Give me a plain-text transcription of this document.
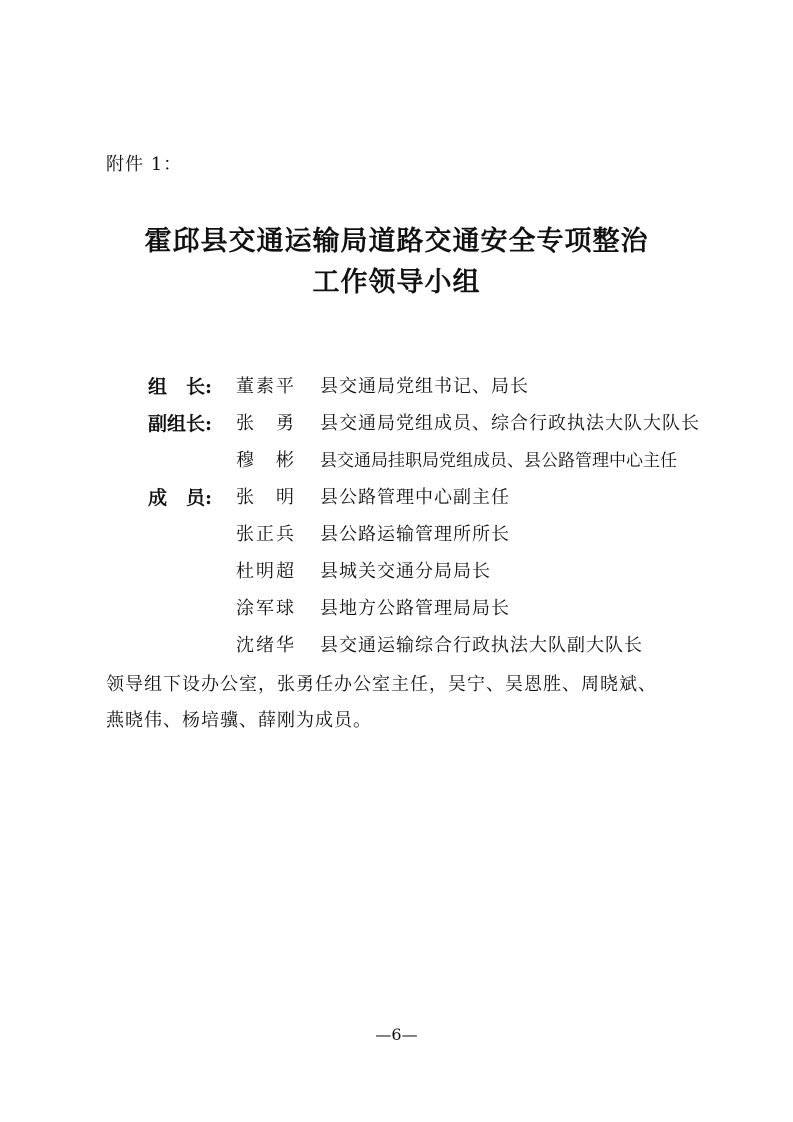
附件 1：
霍邱县交通运输局道路交通安全专项整治
工作领导小组
组　长: 董素平 县交通局党组书记、局长
副组长: 张　勇 县交通局党组成员、综合行政执法大队大队长
穆　彬 县交通局挂职局党组成员、县公路管理中心主任
成　员: 张　明 县公路管理中心副主任
张正兵 县公路运输管理所所长
杜明超 县城关交通分局局长
涂军球 县地方公路管理局局长
沈绪华 县交通运输综合行政执法大队副大队长
领导组下设办公室，张勇任办公室主任，吴宁、吴恩胜、周晓斌、
燕晓伟、杨培骥、薛刚为成员。
—6—
